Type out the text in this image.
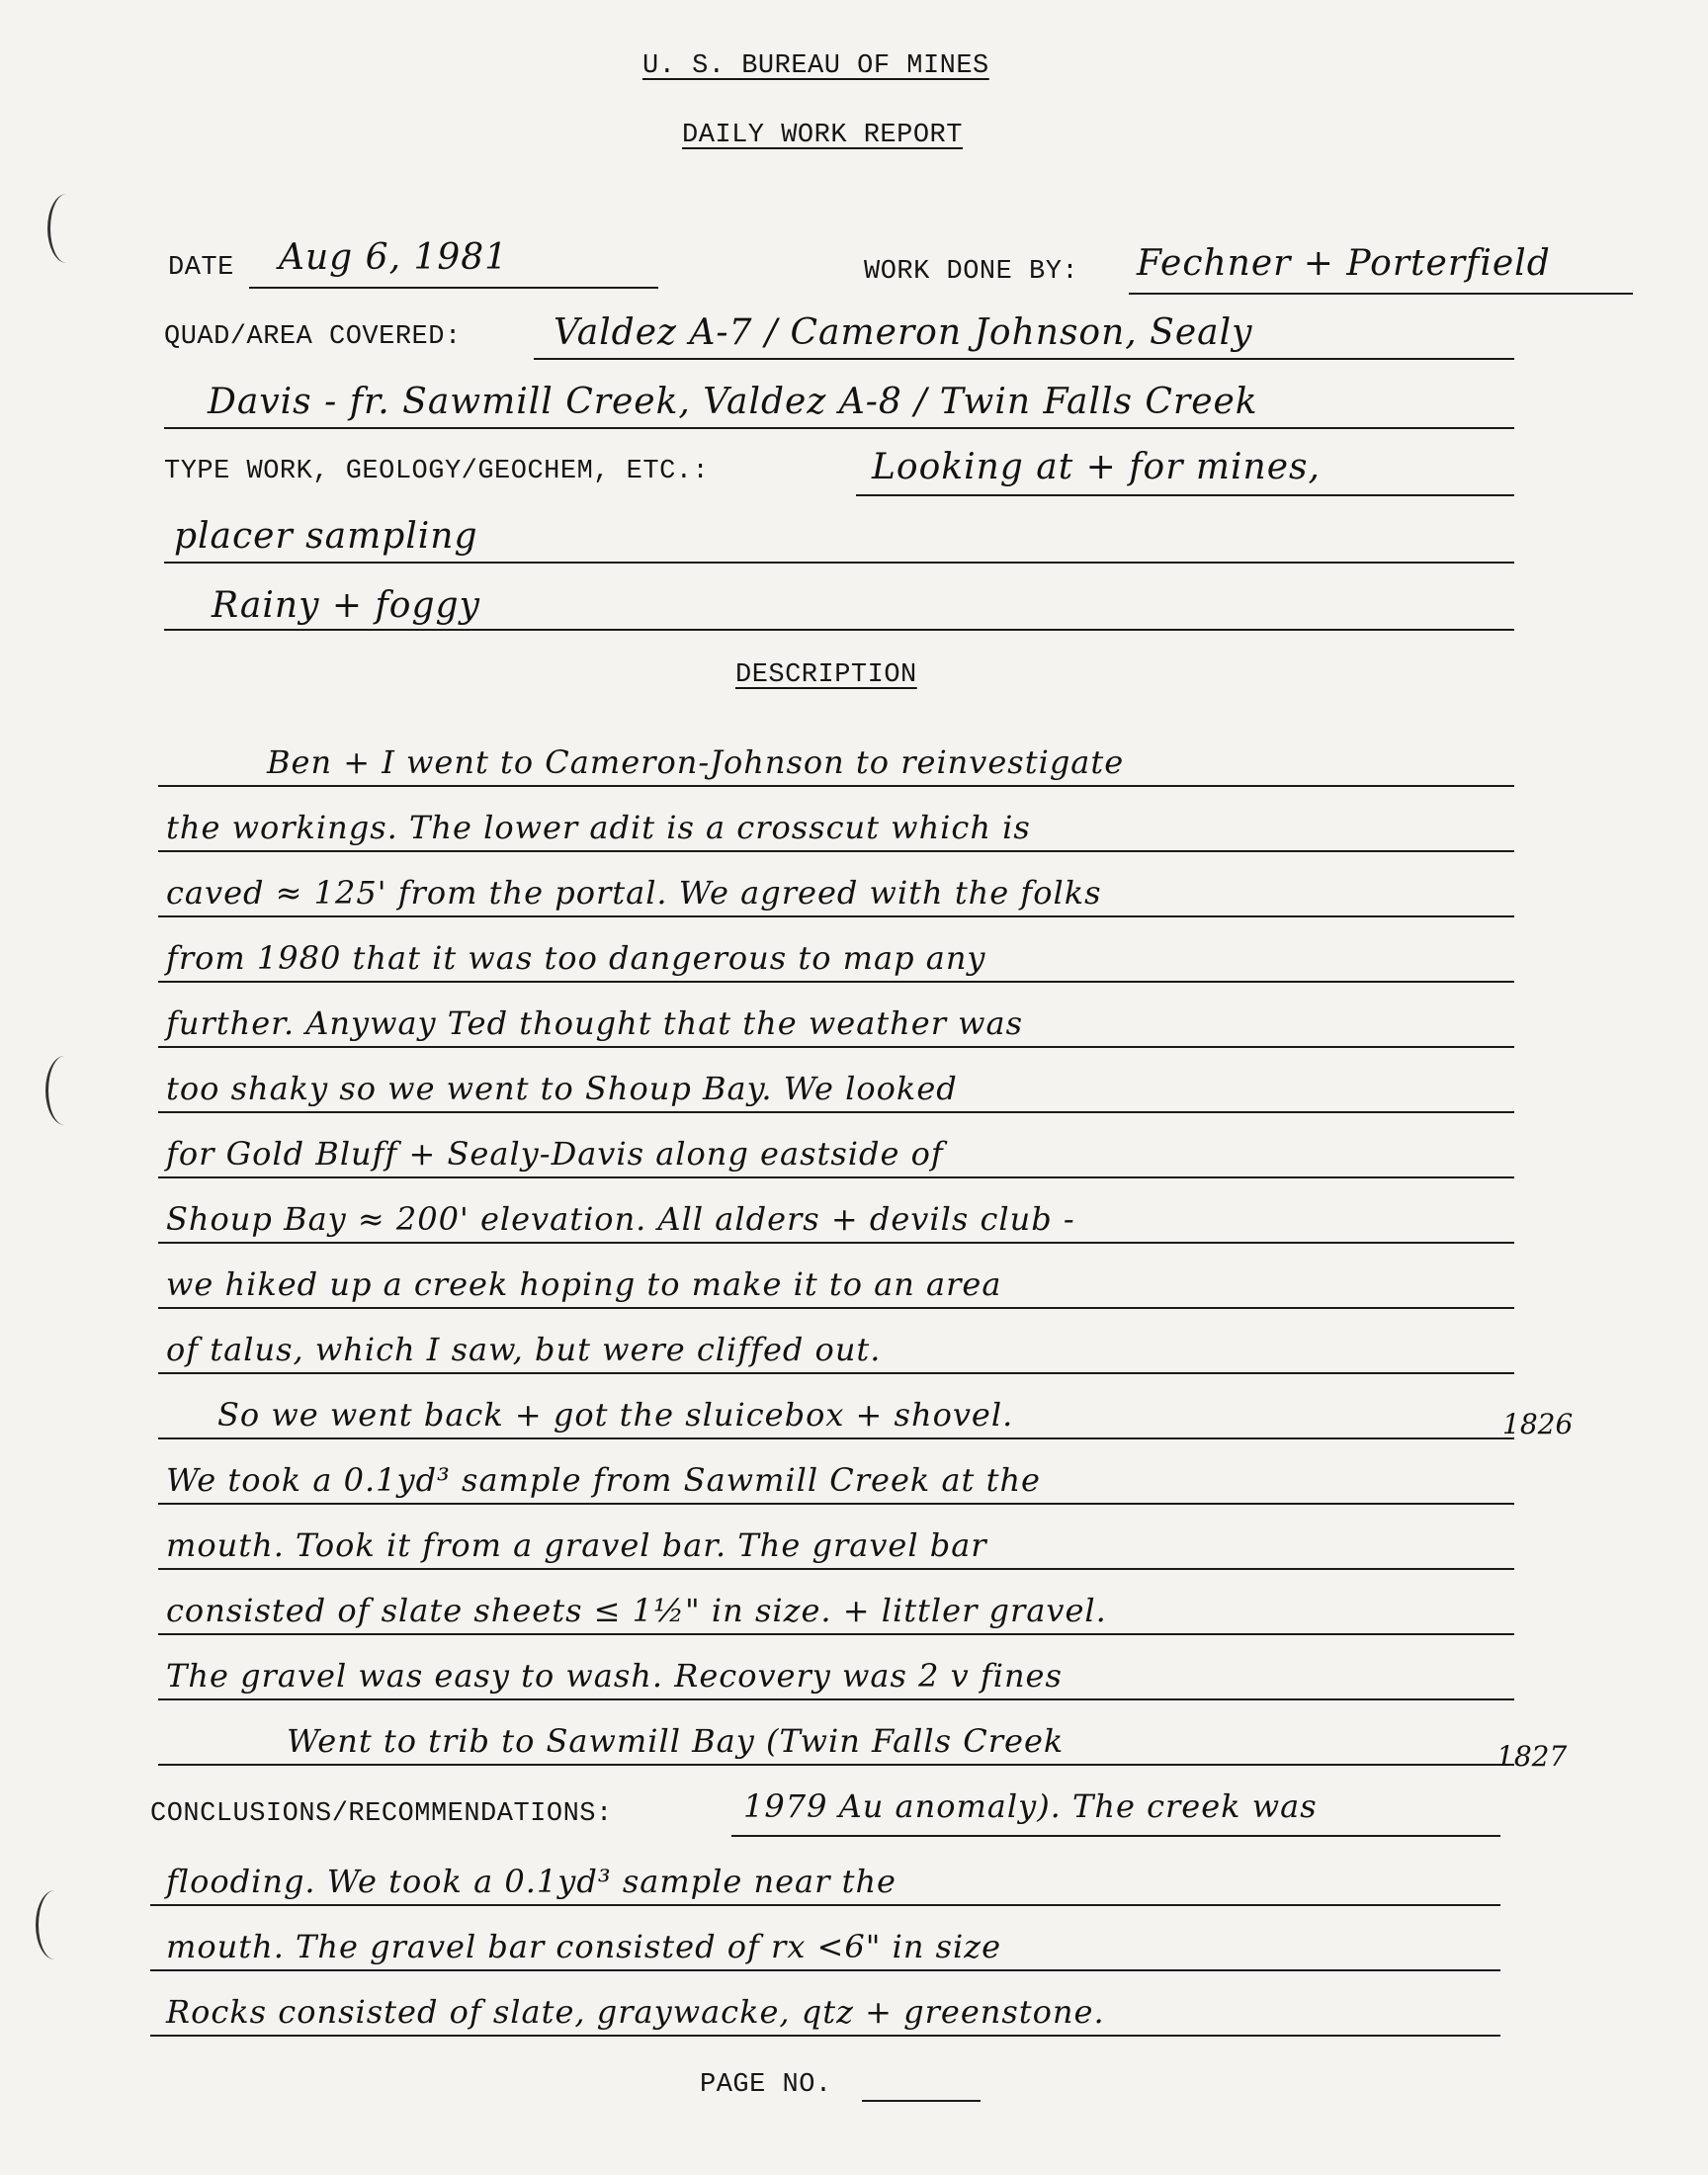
U. S. BUREAU OF MINES
DAILY WORK REPORT
DATE Aug 6, 1981	WORK DONE BY: Fechner + Porterfield
QUAD/AREA COVERED:	Valdez A-7 / Cameron Johnson, Sealy
Davis - fr. Sawmill Creek, Valdez A-8 / Twin Falls Creek
TYPE WORK, GEOLOGY/GEOCHEM, ETC.:	Looking at + for mines,
placer sampling
Rainy + foggy
DESCRIPTION
Ben + I went to Cameron-Johnson to reinvestigate
the workings. The lower adit is a crosscut which is
caved ≈ 125' from the portal. We agreed with the folks
from 1980 that it was too dangerous to map any
further. Anyway Ted thought that the weather was
too shaky so we went to Shoup Bay. We looked
for Gold Bluff + Sealy-Davis along eastside of
Shoup Bay ≈ 200' elevation. All alders + devils club -
we hiked up a creek hoping to make it to an area
of talus, which I saw, but were cliffed out.
So we went back + got the sluicebox + shovel.
We took a 0.1yd³ sample from Sawmill Creek at the
mouth. Took it from a gravel bar. The gravel bar
consisted of slate sheets ≤ 1½" in size. + littler gravel.
The gravel was easy to wash. Recovery was 2 v fines
Went to trib to Sawmill Bay (Twin Falls Creek
1826
1827
CONCLUSIONS/RECOMMENDATIONS:	1979 Au anomaly). The creek was
flooding. We took a 0.1yd³ sample near the
mouth. The gravel bar consisted of rx <6" in size
Rocks consisted of slate, graywacke, qtz + greenstone.
PAGE NO.
